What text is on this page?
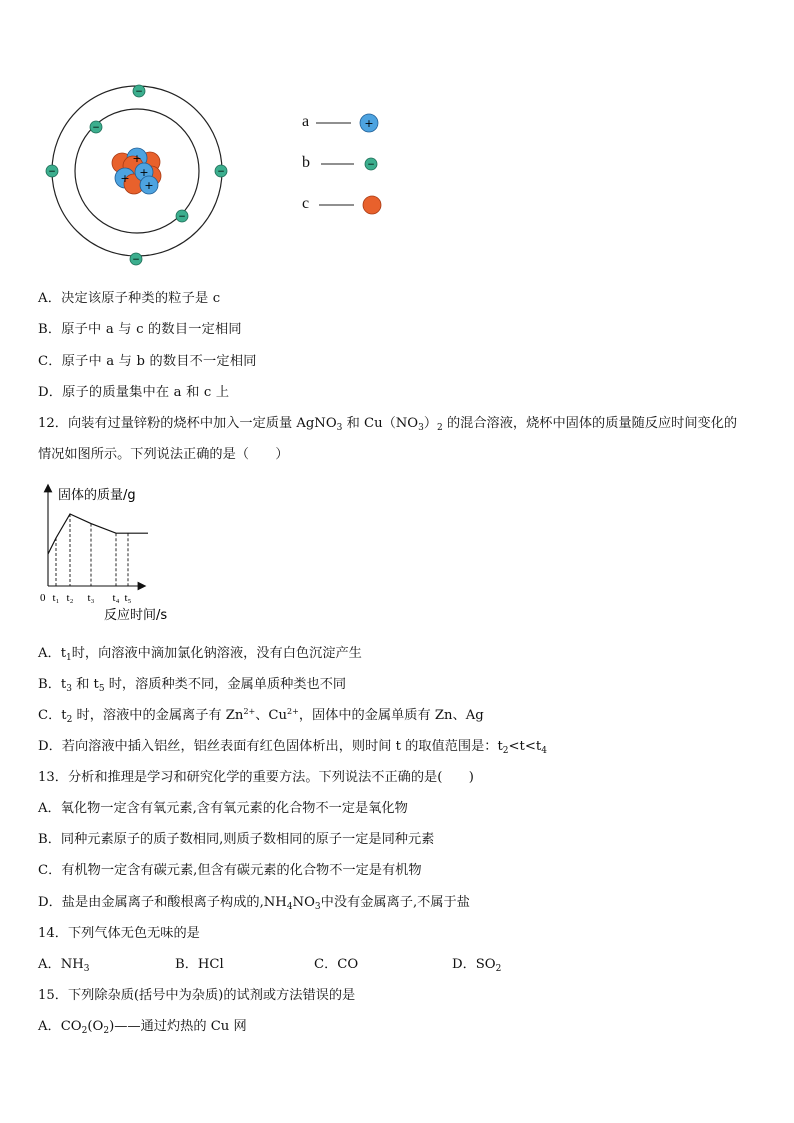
+
+
+
+
−
−
−	−
−
−
a
b
c
+
−
A．决定该原子种类的粒子是 c
B．原子中 a 与 c 的数目一定相同
C．原子中 a 与 b 的数目不一定相同
D．原子的质量集中在 a 和 c 上
12．向装有过量锌粉的烧杯中加入一定质量 AgNO$_3$ 和 $Cu(NO_3)_2$ 的混合溶液，烧杯中固体的质量随反应时间变化的
情况如图所示。下列说法正确的是（　　）
固体的质量/g
反应时间/s
0 t₁ t₂ t₃ t₄ t₅
A．$t_1$时，向溶液中滴加氯化钠溶液，没有白色沉淀产生
B．$t_3$ 和 $t_5$ 时，溶质种类不同，金属单质种类也不同
C．$t_2$ 时，溶液中的金属离子有 $Zn^{2+}$、$Cu^{2+}$，固体中的金属单质有 Zn、Ag
D．若向溶液中插入铝丝，铝丝表面有红色固体析出，则时间 t 的取值范围是：$t_2<t<t_4$
13．分析和推理是学习和研究化学的重要方法。下列说法不正确的是(　　)
A．氧化物一定含有氧元素,含有氧元素的化合物不一定是氧化物
B．同种元素原子的质子数相同,则质子数相同的原子一定是同种元素
C．有机物一定含有碳元素,但含有碳元素的化合物不一定是有机物
D．盐是由金属离子和酸根离子构成的$,NH_4NO_3$中没有金属离子,不属于盐
14．下列气体无色无味的是
A．$NH_3$	B．HCl	C．CO	D．$SO_2$
15．下列除杂质(括号中为杂质)的试剂或方法错误的是
A．$CO_2(O_2)——$通过灼热的 Cu 网
